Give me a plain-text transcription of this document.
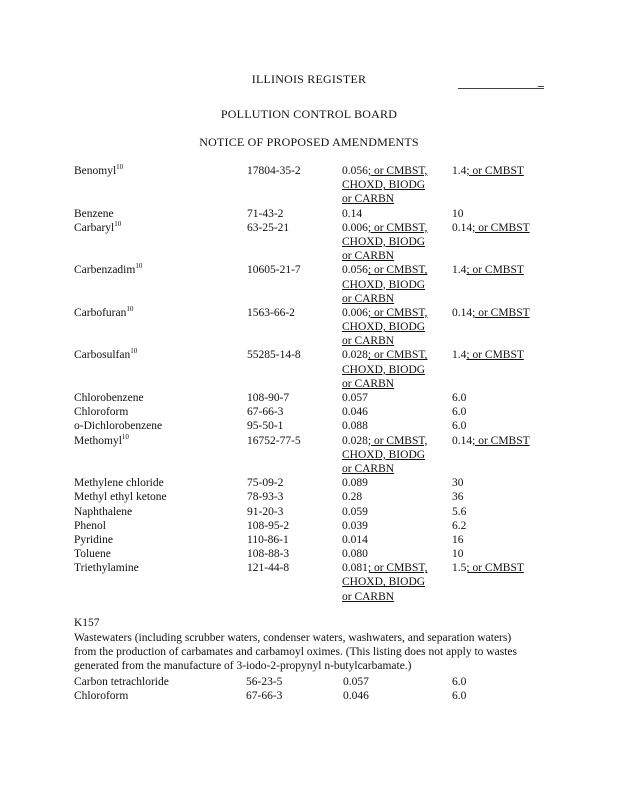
ILLINOIS REGISTER
POLLUTION CONTROL BOARD
NOTICE OF PROPOSED AMENDMENTS
Benomyl$^{10}$	17804-35-2	0.056; or CMBST,
CHOXD, BIODG
or CARBN	1.4; or CMBST
Benzene	71-43-2	0.14	10
Carbaryl$^{10}$	63-25-21	0.006; or CMBST,
CHOXD, BIODG
or CARBN	0.14; or CMBST
Carbenzadim$^{10}$	10605-21-7	0.056; or CMBST,
CHOXD, BIODG
or CARBN	1.4; or CMBST
Carbofuran$^{10}$	1563-66-2	0.006; or CMBST,
CHOXD, BIODG
or CARBN	0.14; or CMBST
Carbosulfan$^{10}$	55285-14-8	0.028; or CMBST,
CHOXD, BIODG
or CARBN	1.4; or CMBST
Chlorobenzene	108-90-7	0.057	6.0
Chloroform	67-66-3	0.046	6.0
o-Dichlorobenzene	95-50-1	0.088	6.0
Methomyl$^{10}$	16752-77-5	0.028; or CMBST,
CHOXD, BIODG
or CARBN	0.14; or CMBST
Methylene chloride	75-09-2	0.089	30
Methyl ethyl ketone	78-93-3	0.28	36
Naphthalene	91-20-3	0.059	5.6
Phenol	108-95-2	0.039	6.2
Pyridine	110-86-1	0.014	16
Toluene	108-88-3	0.080	10
Triethylamine	121-44-8	0.081; or CMBST,
CHOXD, BIODG
or CARBN	1.5; or CMBST
K157
Wastewaters (including scrubber waters, condenser waters, washwaters, and separation waters)
from the production of carbamates and carbamoyl oximes. (This listing does not apply to wastes
generated from the manufacture of 3-iodo-2-propynyl n-butylcarbamate.)
Carbon tetrachloride	56-23-5	0.057	6.0
Chloroform	67-66-3	0.046	6.0
